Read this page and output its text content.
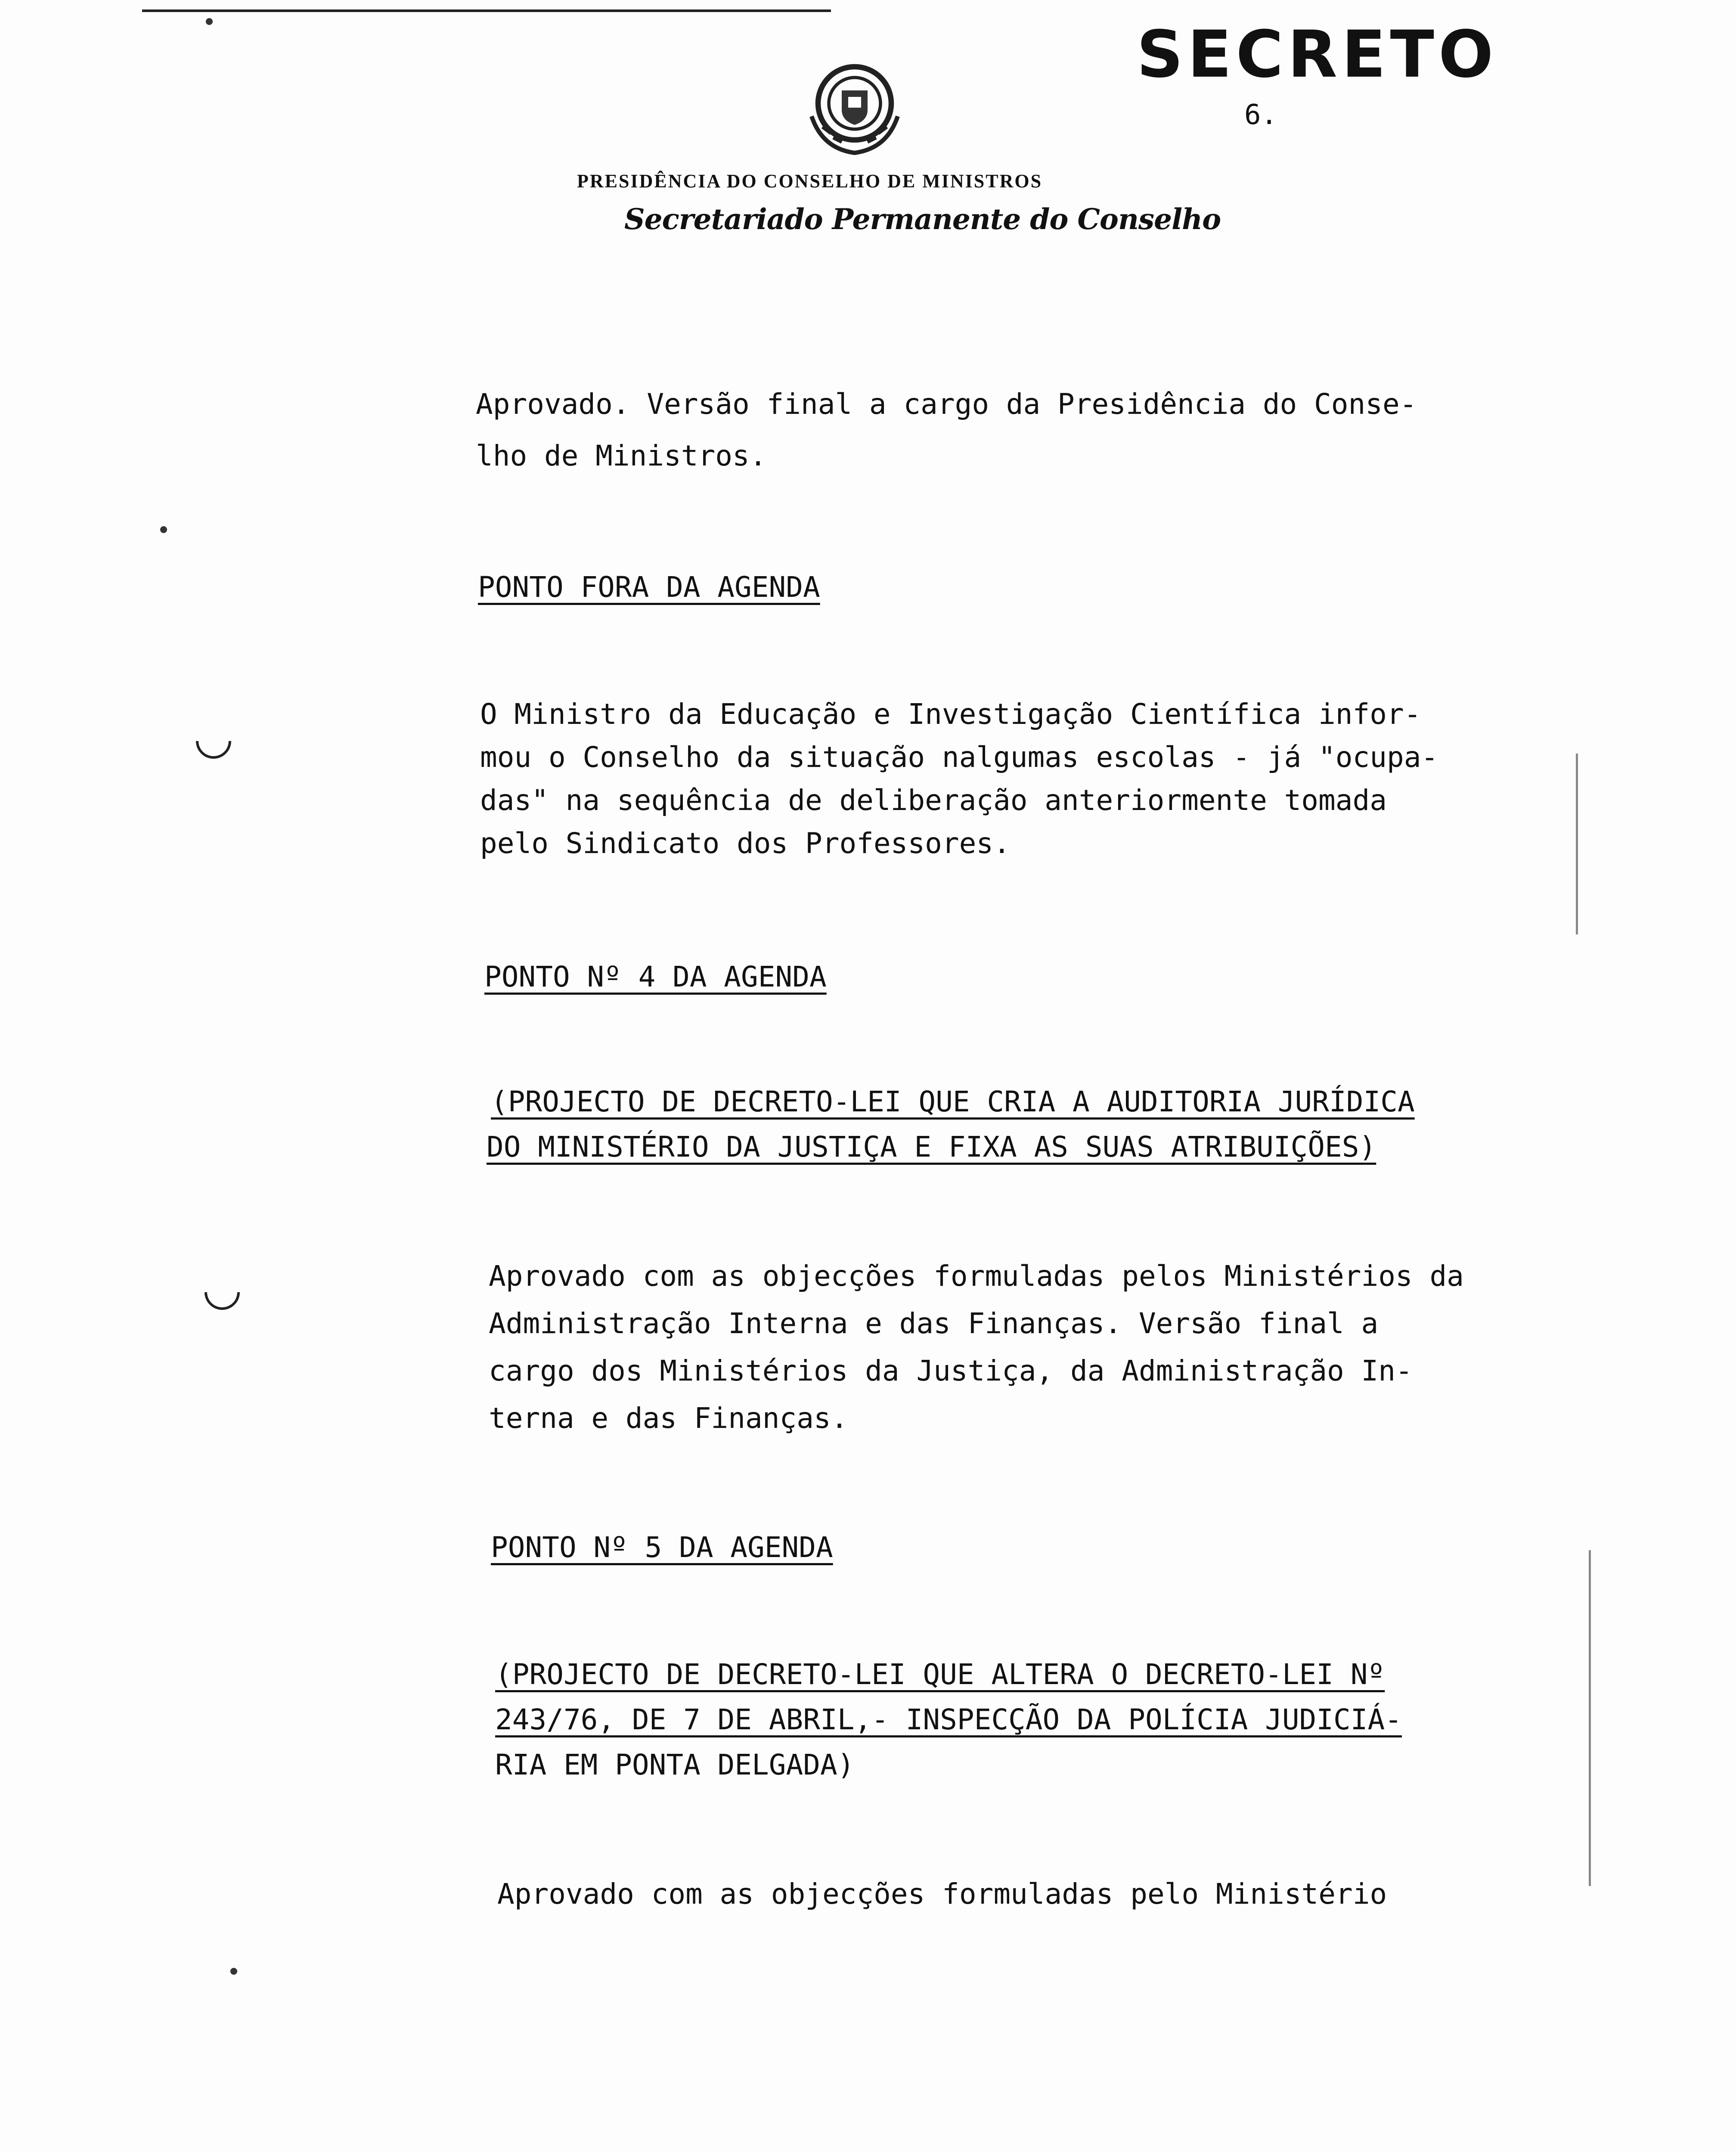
SECRETO
6.
PRESIDÊNCIA DO CONSELHO DE MINISTROS
Secretariado Permanente do Conselho
Aprovado. Versão final a cargo da Presidência do Conse-
lho de Ministros.
PONTO FORA DA AGENDA
O Ministro da Educação e Investigação Científica infor-
mou o Conselho da situação nalgumas escolas - já "ocupa-
das" na sequência de deliberação anteriormente tomada
pelo Sindicato dos Professores.
PONTO Nº 4 DA AGENDA
(PROJECTO DE DECRETO-LEI QUE CRIA A AUDITORIA JURÍDICA
DO MINISTÉRIO DA JUSTIÇA E FIXA AS SUAS ATRIBUIÇÕES)
Aprovado com as objecções formuladas pelos Ministérios da
Administração Interna e das Finanças. Versão final a
cargo dos Ministérios da Justiça, da Administração In-
terna e das Finanças.
PONTO Nº 5 DA AGENDA
(PROJECTO DE DECRETO-LEI QUE ALTERA O DECRETO-LEI Nº
243/76, DE 7 DE ABRIL,- INSPECÇÃO DA POLÍCIA JUDICIÁ-
RIA EM PONTA DELGADA)
Aprovado com as objecções formuladas pelo Ministério
